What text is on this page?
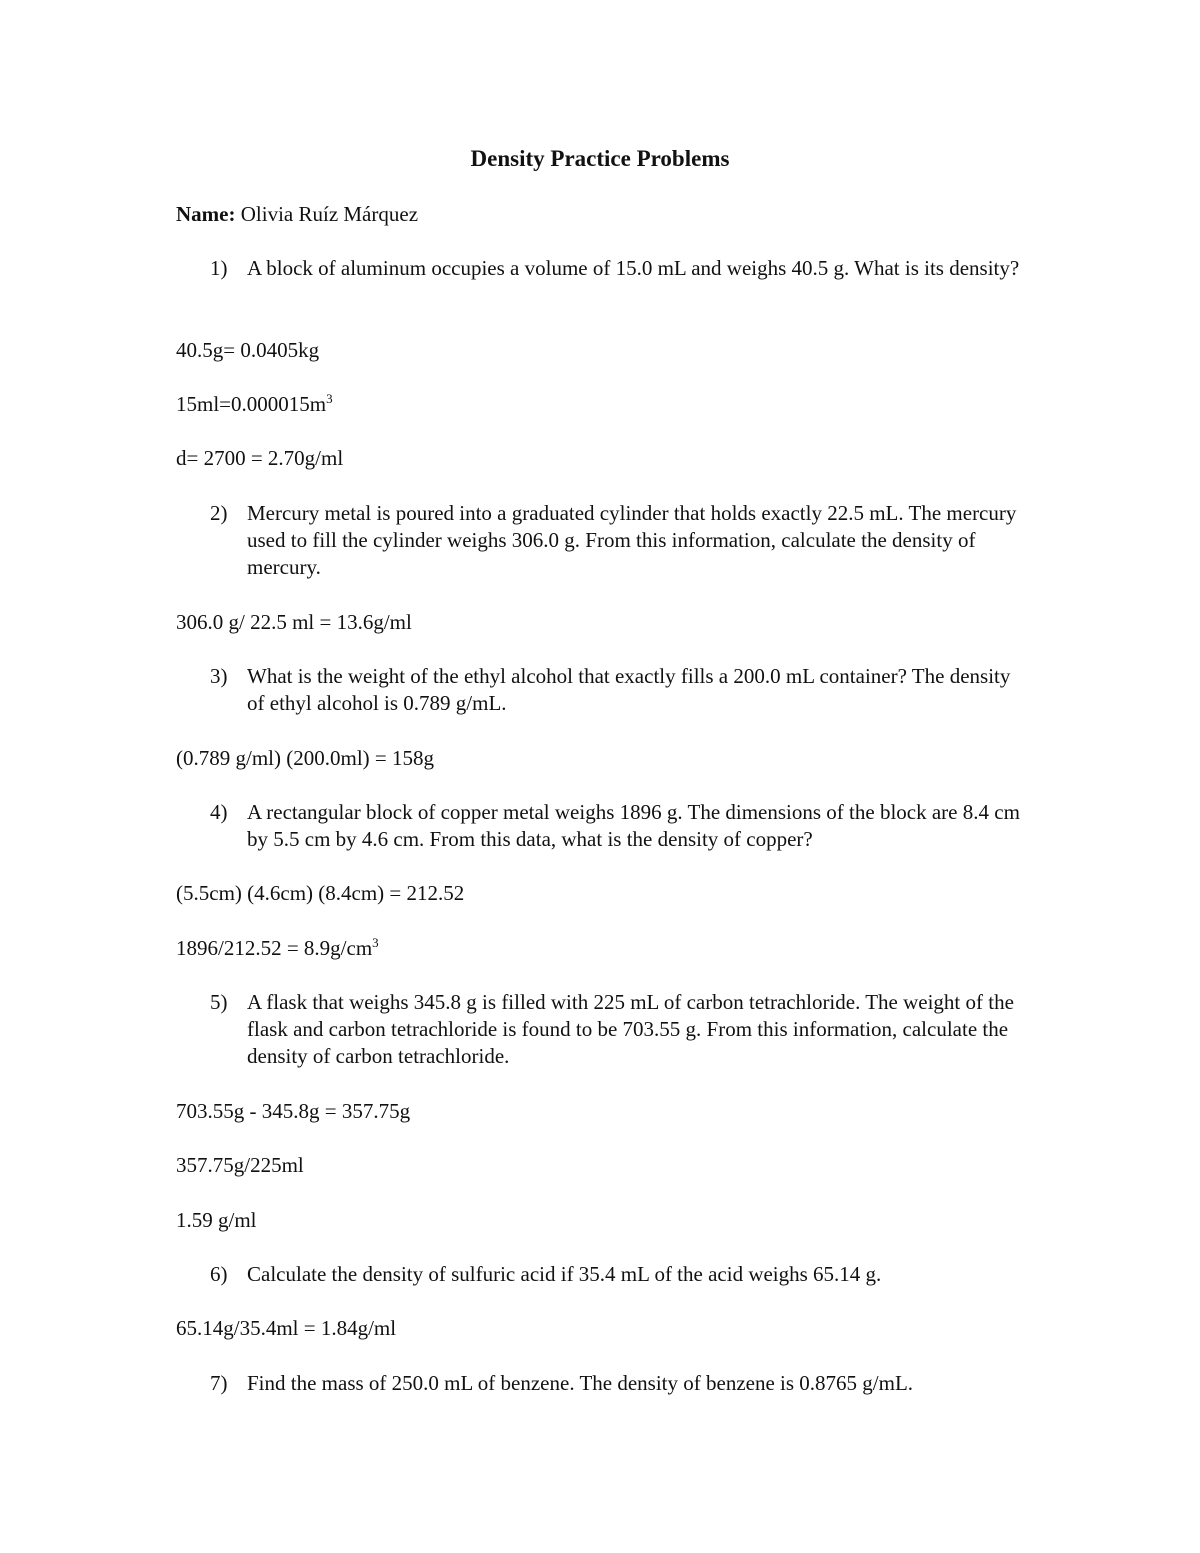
Density Practice Problems
Name: Olivia Ruíz Márquez
1) A block of aluminum occupies a volume of 15.0 mL and weighs 40.5 g. What is its density?
40.5g= 0.0405kg
$15ml=0.000015m^3$
d= 2700 = 2.70g/ml
2) Mercury metal is poured into a graduated cylinder that holds exactly 22.5 mL. The mercury used to fill the cylinder weighs 306.0 g. From this information, calculate the density of mercury.
306.0 g/ 22.5 ml = 13.6g/ml
3) What is the weight of the ethyl alcohol that exactly fills a 200.0 mL container? The density of ethyl alcohol is 0.789 g/mL.
(0.789 g/ml) (200.0ml) = 158g
4) A rectangular block of copper metal weighs 1896 g. The dimensions of the block are 8.4 cm by 5.5 cm by 4.6 cm. From this data, what is the density of copper?
(5.5cm) (4.6cm) (8.4cm) = 212.52
$1896/212.52 = 8.9g/cm^3$
5) A flask that weighs 345.8 g is filled with 225 mL of carbon tetrachloride. The weight of the flask and carbon tetrachloride is found to be 703.55 g. From this information, calculate the density of carbon tetrachloride.
703.55g - 345.8g = 357.75g
357.75g/225ml
1.59 g/ml
6) Calculate the density of sulfuric acid if 35.4 mL of the acid weighs 65.14 g.
65.14g/35.4ml = 1.84g/ml
7) Find the mass of 250.0 mL of benzene. The density of benzene is 0.8765 g/mL.
